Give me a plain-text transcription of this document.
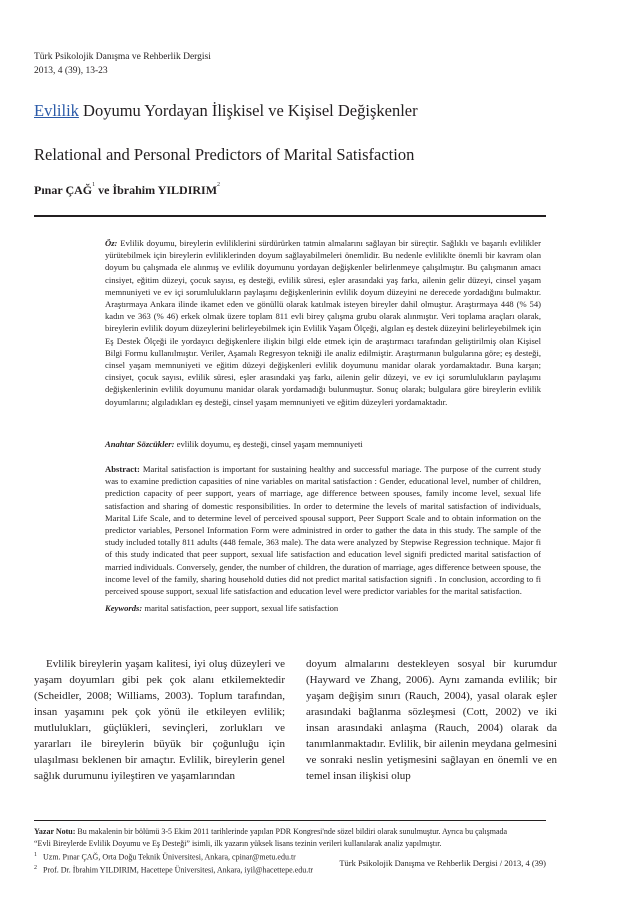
Türk Psikolojik Danışma ve Rehberlik Dergisi
2013, 4 (39), 13-23
Evlilik Doyumu Yordayan İlişkisel ve Kişisel Değişkenler
Relational and Personal Predictors of Marital Satisfaction
Pınar ÇAĞ$^1$ ve İbrahim YILDIRIM$^2$
Öz: Evlilik doyumu, bireylerin evliliklerini sürdürürken tatmin almalarını sağlayan bir süreçtir. Sağlıklı ve başarılı evlilikler yürütebilmek için bireylerin evliliklerinden doyum sağlayabilmeleri önemlidir. Bu nedenle evliliklte önemli bir kavram olan doyum bu çalışmada ele alınmış ve evlilik doyumunu yordayan değişkenler belirlenmeye çalışılmıştır. Bu çalışmanın amacı cinsiyet, eğitim düzeyi, çocuk sayısı, eş desteği, evlilik süresi, eşler arasındaki yaş farkı, ailenin gelir düzeyi, cinsel yaşam memnuniyeti ve ev içi sorumlulukların paylaşımı değişkenlerinin evlilik doyum düzeyini ne derecede yordadığını bulmaktır. Araştırmaya Ankara ilinde ikamet eden ve gönüllü olarak katılmak isteyen bireyler dahil olmuştur. Araştırmaya 448 (% 54) kadın ve 363 (% 46) erkek olmak üzere toplam 811 evli birey çalışma grubu olarak alınmıştır. Veri toplama araçları olarak, bireylerin evlilik doyum düzeylerini belirleyebilmek için Evlilik Yaşam Ölçeği, algılan eş destek düzeyini belirleyebilmek için Eş Destek Ölçeği ile yordayıcı değişkenlere ilişkin bilgi elde etmek için de araştırmacı tarafından geliştirilmiş olan Kişisel Bilgi Formu kullanılmıştır. Veriler, Aşamalı Regresyon tekniği ile analiz edilmiştir. Araştırmanın bulgularına göre; eş desteği, cinsel yaşam memnuniyeti ve eğitim düzeyi değişkenleri evlilik doyumunu manidar olarak yordamaktadır. Buna karşın; cinsiyet, çocuk sayısı, evlilik süresi, eşler arasındaki yaş farkı, ailenin gelir düzeyi, ve ev içi sorumlulukların paylaşımı değişkenlerinin evlilik doyumunu manidar olarak yordamadığı bulunmuştur. Sonuç olarak; bulgulara göre bireylerin evlilik doyumlarını; algıladıkları eş desteği, cinsel yaşam memnuniyeti ve eğitim düzeyleri yordamaktadır.
Anahtar Sözcükler: evlilik doyumu, eş desteği, cinsel yaşam memnuniyeti
Abstract: Marital satisfaction is important for sustaining healthy and successful mariage. The purpose of the current study was to examine prediction capasities of nine variables on marital satisfaction : Gender, educational level, number of children, prediction capacity of peer support, years of marriage, age difference between spouses, family income level, sexual life satisfaction and sharing of domestic responsibilities. In order to determine the levels of marital satisfaction of individuals, Marital Life Scale, and to determine level of perceived spousal support, Peer Support Scale and to obtain information on the predictor variables, Personel Information Form were administred in order to gather the data in this study. The sample of the study included totally 811 adults (448 female, 363 male). The data were analyzed by Stepwise Regression technique. Major fi of this study indicated that peer support, sexual life satisfaction and education level signifi predicted marital satisfaction of married individuals. Conversely, gender, the number of children, the duration of marriage, ages difference between spouse, the income level of the family, sharing household duties did not predict marital satisfaction signifi . In conclusion, according to fi perceived spouse support, sexual life satisfaction and education level were predictor variables for the marital satisfaction.
Keywords: marital satisfaction, peer support, sexual life satisfaction

Evlilik bireylerin yaşam kalitesi, iyi oluş düzeyleri ve yaşam doyumları gibi pek çok alanı etkilemektedir (Scheidler, 2008; Williams, 2003). Toplum tarafından, insan yaşamını pek çok yönü ile etkileyen evlilik; mutlulukları, güçlükleri, sevinçleri, zorlukları ve yararları ile bireylerin büyük bir çoğunluğu için ulaşılması beklenen bir amaçtır. Evlilik, bireylerin genel sağlık durumunu iyileştiren ve yaşamlarından

doyum almalarını destekleyen sosyal bir kurumdur (Hayward ve Zhang, 2006). Aynı zamanda evlilik; bir yaşam değişim sınırı (Rauch, 2004), yasal olarak eşler arasındaki bağlanma sözleşmesi (Cott, 2002) ve iki insan arasındaki anlaşma (Rauch, 2004) olarak da tanımlanmaktadır. Evlilik, bir ailenin meydana gelmesini ve sonraki neslin yetişmesini sağlayan en önemli ve en temel insan ilişkisi olup

Yazar Notu: Bu makalenin bir bölümü 3-5 Ekim 2011 tarihlerinde yapılan PDR Kongresi'nde sözel bildiri olarak sunulmuştur. Ayrıca bu çalışmada
“Evli Bireylerde Evlilik Doyumu ve Eş Desteği” isimli, ilk yazarın yüksek lisans tezinin verileri kullanılarak analiz yapılmıştır.
$^1$ Uzm. Pınar ÇAĞ, Orta Doğu Teknik Üniversitesi, Ankara, cpinar@metu.edu.tr
$^2$ Prof. Dr. İbrahim YILDIRIM, Hacettepe Üniversitesi, Ankara, iyil@hacettepe.edu.tr
Türk Psikolojik Danışma ve Rehberlik Dergisi / 2013, 4 (39)
